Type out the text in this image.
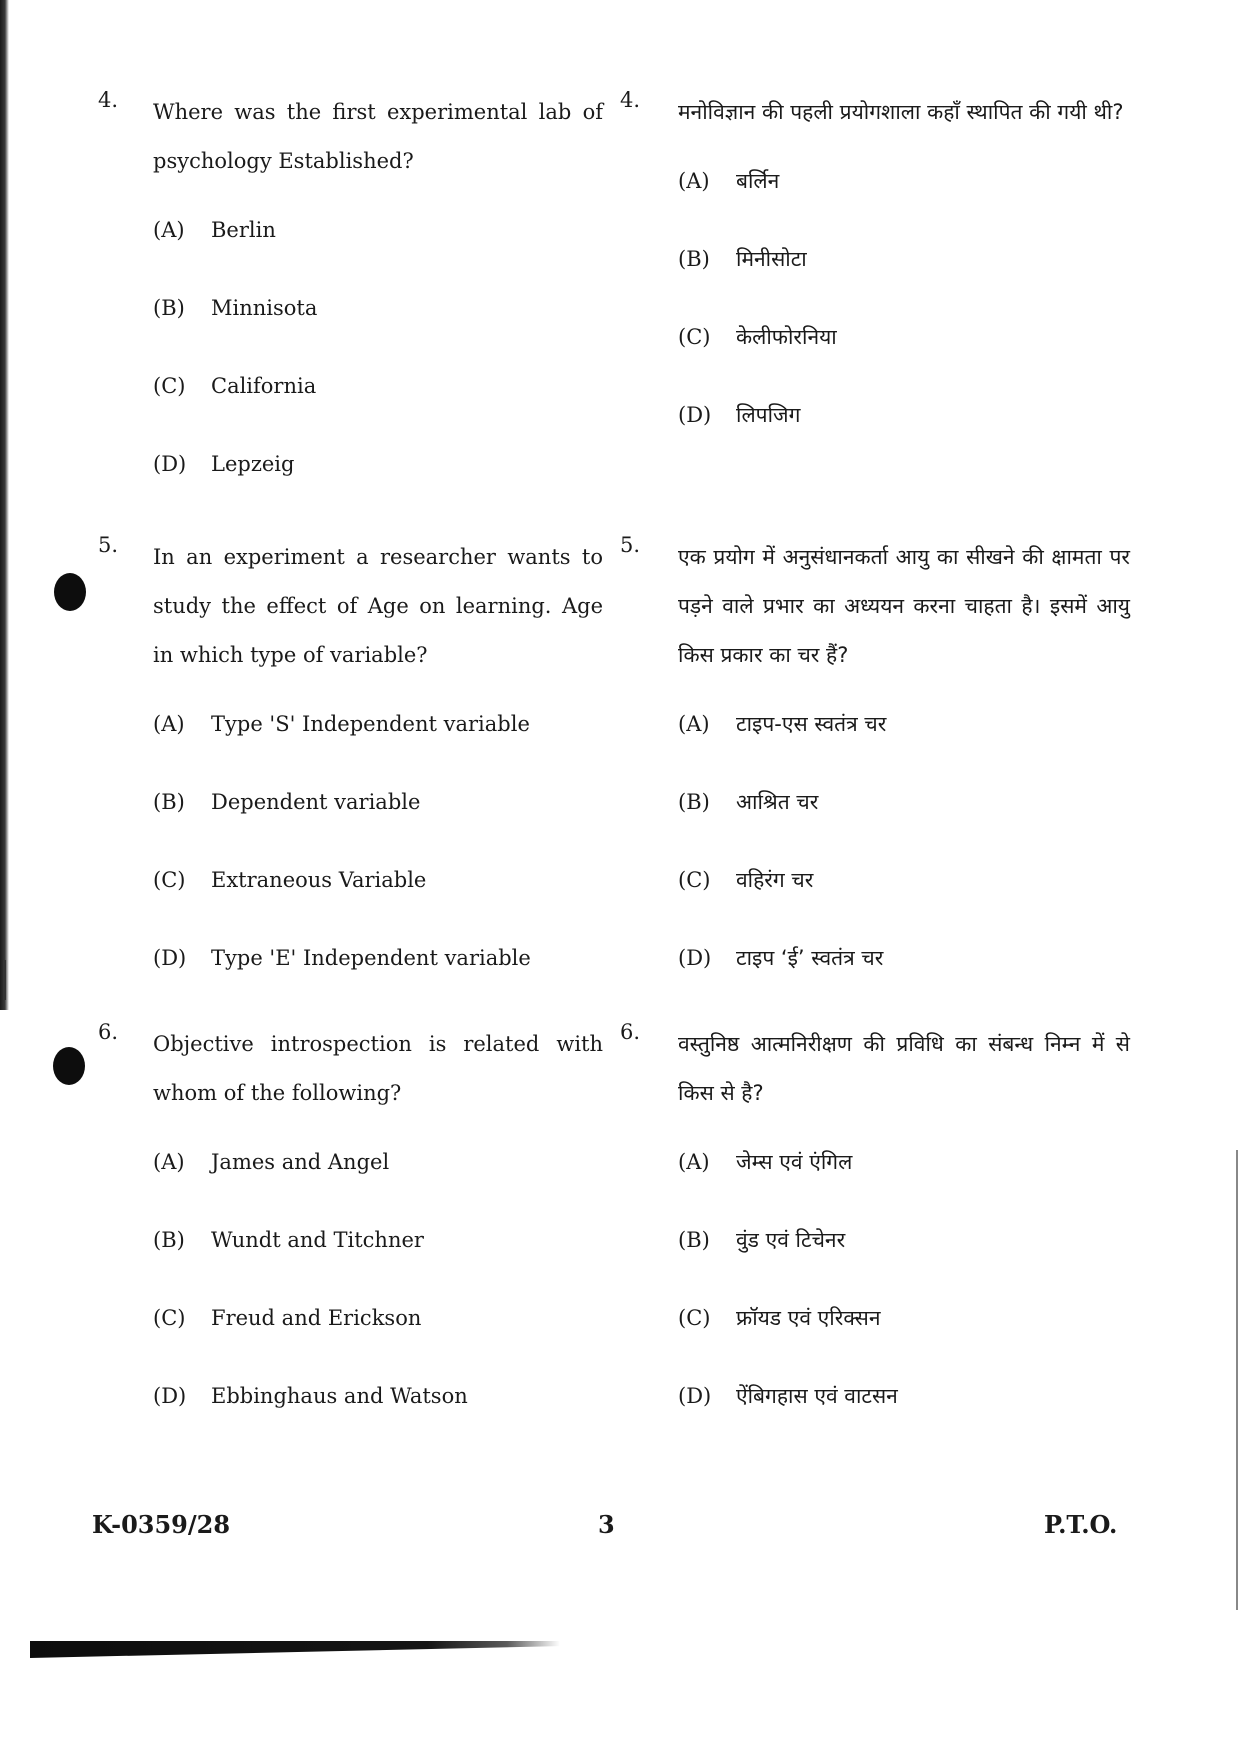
4. Where was the first experimental lab of psychology Established?
(A)	Berlin
(B)	Minnisota
(C)	California
(D)	Lepzeig
5. In an experiment a researcher wants to study the effect of Age on learning. Age in which type of variable?
(A)	Type 'S' Independent variable
(B)	Dependent variable
(C)	Extraneous Variable
(D)	Type 'E' Independent variable
6. Objective introspection is related with whom of the following?
(A)	James and Angel
(B)	Wundt and Titchner
(C)	Freud and Erickson
(D)	Ebbinghaus and Watson
4. मनोविज्ञान की पहली प्रयोगशाला कहाँ स्थापित की गयी थी?
(A)	बर्लिन
(B)	मिनीसोटा
(C)	केलीफोरनिया
(D)	लिपजिग
5. एक प्रयोग में अनुसंधानकर्ता आयु का सीखने की क्षामता पर पड़ने वाले प्रभार का अध्ययन करना चाहता है। इसमें आयु किस प्रकार का चर हैं?
(A)	टाइप-एस स्वतंत्र चर
(B)	आश्रित चर
(C)	वहिरंग चर
(D)	टाइप ‘ई’ स्वतंत्र चर
6. वस्तुनिष्ठ आत्मनिरीक्षण की प्रविधि का संबन्ध निम्न में से किस से है?
(A)	जेम्स एवं एंगिल
(B)	वुंड एवं टिचेनर
(C)	फ्रॉयड एवं एरिक्सन
(D)	ऐंबिगहास एवं वाटसन
K-0359/28	3	P.T.O.
